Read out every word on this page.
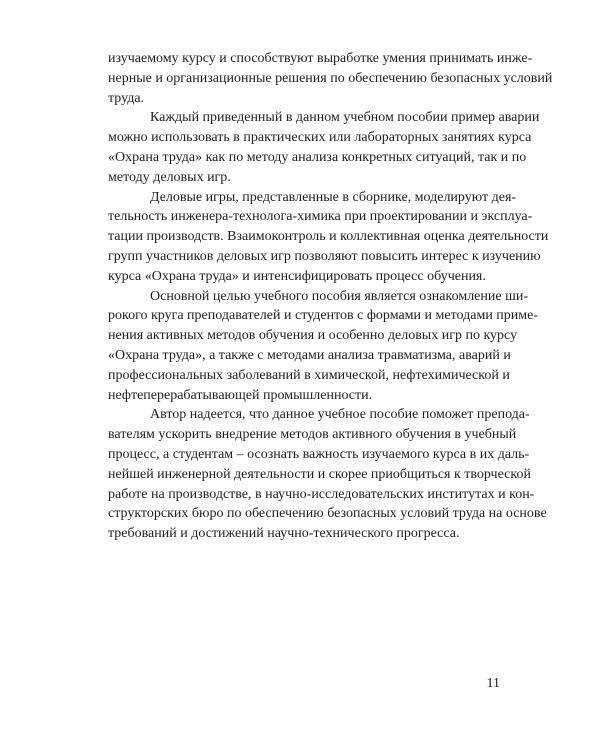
изучаемому курсу и способствуют выработке умения принимать инже-
нерные и организационные решения по обеспечению безопасных условий
труда.
Каждый приведенный в данном учебном пособии пример аварии
можно использовать в практических или лабораторных занятиях курса
«Охрана труда» как по методу анализа конкретных ситуаций, так и по
методу деловых игр.
Деловые игры, представленные в сборнике, моделируют дея-
тельность инженера-технолога-химика при проектировании и эксплуа-
тации производств. Взаимоконтроль и коллективная оценка деятельности
групп участников деловых игр позволяют повысить интерес к изучению
курса «Охрана труда» и интенсифицировать процесс обучения.
Основной целью учебного пособия является ознакомление ши-
рокого круга преподавателей и студентов с формами и методами приме-
нения активных методов обучения и особенно деловых игр по курсу
«Охрана труда», а также с методами анализа травматизма, аварий и
профессиональных заболеваний в химической, нефтехимической и
нефтеперерабатывающей промышленности.
Автор надеется, что данное учебное пособие поможет препода-
вателям ускорить внедрение методов активного обучения в учебный
процесс, а студентам – осознать важность изучаемого курса в их даль-
нейшей инженерной деятельности и скорее приобщиться к творческой
работе на производстве, в научно-исследовательских институтах и кон-
структорских бюро по обеспечению безопасных условий труда на основе
требований и достижений научно-технического прогресса.
11
